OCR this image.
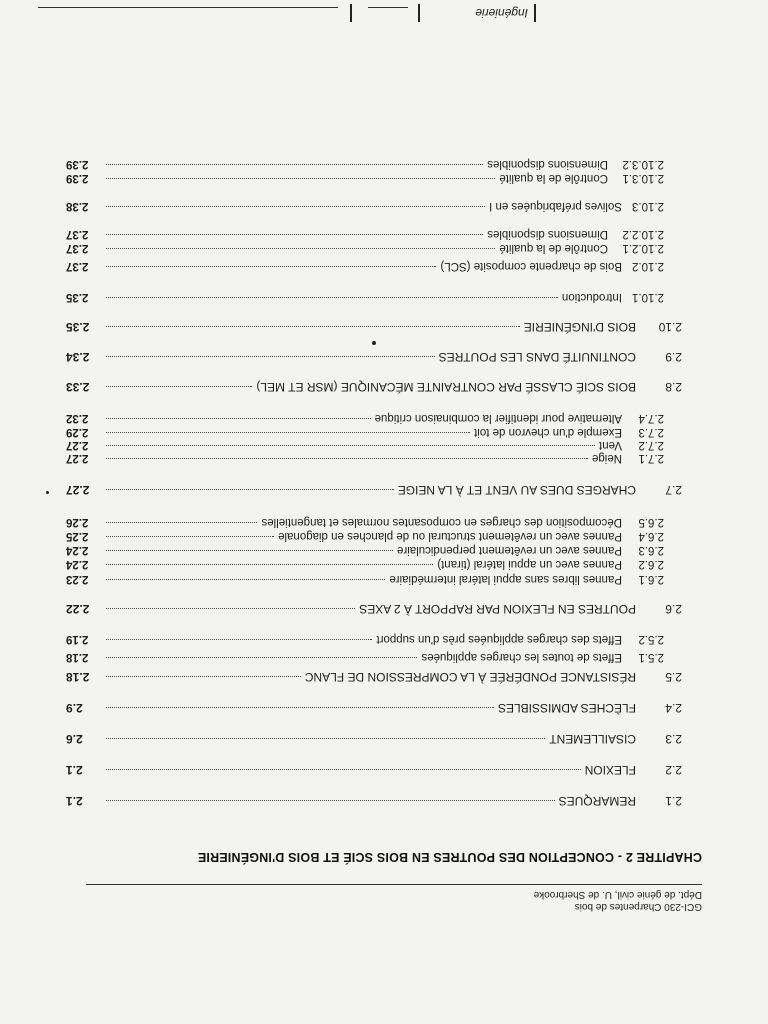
GCI-230 Charpentes de bois
Dépt. de génie civil, U. de Sherbrooke
CHAPITRE 2 - CONCEPTION DES POUTRES EN BOIS SCIÉ ET BOIS D'INGÉNIERIE
2.1
REMARQUES
2.1
2.2
FLEXION
2.1
2.3
CISAILLEMENT
2.6
2.4
FLÈCHES ADMISSIBLES
2.9
2.5
RÉSISTANCE PONDÉRÉE À LA COMPRESSION DE FLANC
2.18
2.5.1
Effets de toutes les charges appliquées
2.18
2.5.2
Effets des charges appliquées près d'un support
2.19
2.6
POUTRES EN FLEXION PAR RAPPORT À 2 AXES
2.22
2.6.1
Pannes libres sans appui latéral intermédiaire
2.23
2.6.2
Pannes avec un appui latéral (tirant)
2.24
2.6.3
Pannes avec un revêtement perpendiculaire
2.24
2.6.4
Pannes avec un revêtement structural ou de planches en diagonale
2.25
2.6.5
Décomposition des charges en composantes normales et tangentielles
2.26
2.7
CHARGES DUES AU VENT ET À LA NEIGE
2.27
2.7.1
Neige
2.27
2.7.2
Vent
2.27
2.7.3
Exemple d'un chevron de toit
2.29
2.7.4
Alternative pour identifier la combinaison critique
2.32
2.8
BOIS SCIÉ CLASSÉ PAR CONTRAINTE MÉCANIQUE (MSR ET MEL)
2.33
2.9
CONTINUITÉ DANS LES POUTRES
2.34
2.10
BOIS D'INGÉNIERIE
2.35
2.10.1
Introduction
2.35
2.10.2
Bois de charpente composite (SCL)
2.37
2.10.2.1
Contrôle de la qualité
2.37
2.10.2.2
Dimensions disponibles
2.37
2.10.3
Solives préfabriquées en I
2.38
2.10.3.1
Contrôle de la qualité
2.39
2.10.3.2
Dimensions disponibles
2.39
Ingénierie
